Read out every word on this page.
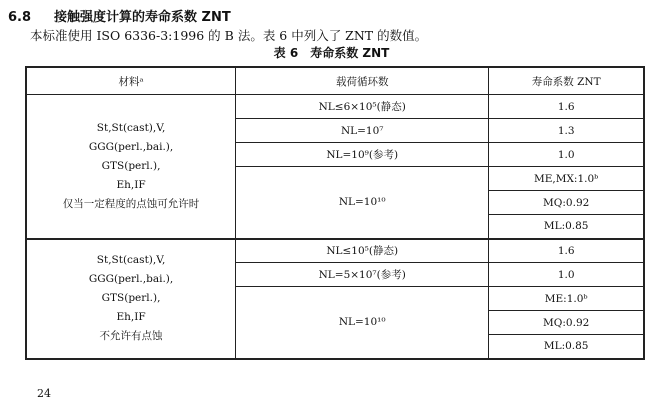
6.8 接触强度计算的寿命系数 ZNT
本标准使用 ISO 6336-3:1996 的 B 法。表 6 中列入了 ZNT 的数值。
表 6　寿命系数 ZNT
材料ᵃ	载荷循环数	寿命系数 ZNT

St,St(cast),V,
GGG(perl.,bai.),
GTS(perl.),
Eh,IF
仅当一定程度的点蚀可允许时	NL≤6×10⁵(静态)	1.6
	NL=10⁷	1.3
	NL=10⁹(参考)	1.0
	NL=10¹⁰	ME,MX:1.0ᵇ
		MQ:0.92
		ML:0.85

St,St(cast),V,
GGG(perl.,bai.),
GTS(perl.),
Eh,IF
不允许有点蚀	NL≤10⁵(静态)	1.6
	NL=5×10⁷(参考)	1.0
	NL=10¹⁰	ME:1.0ᵇ
		MQ:0.92
		ML:0.85
24
